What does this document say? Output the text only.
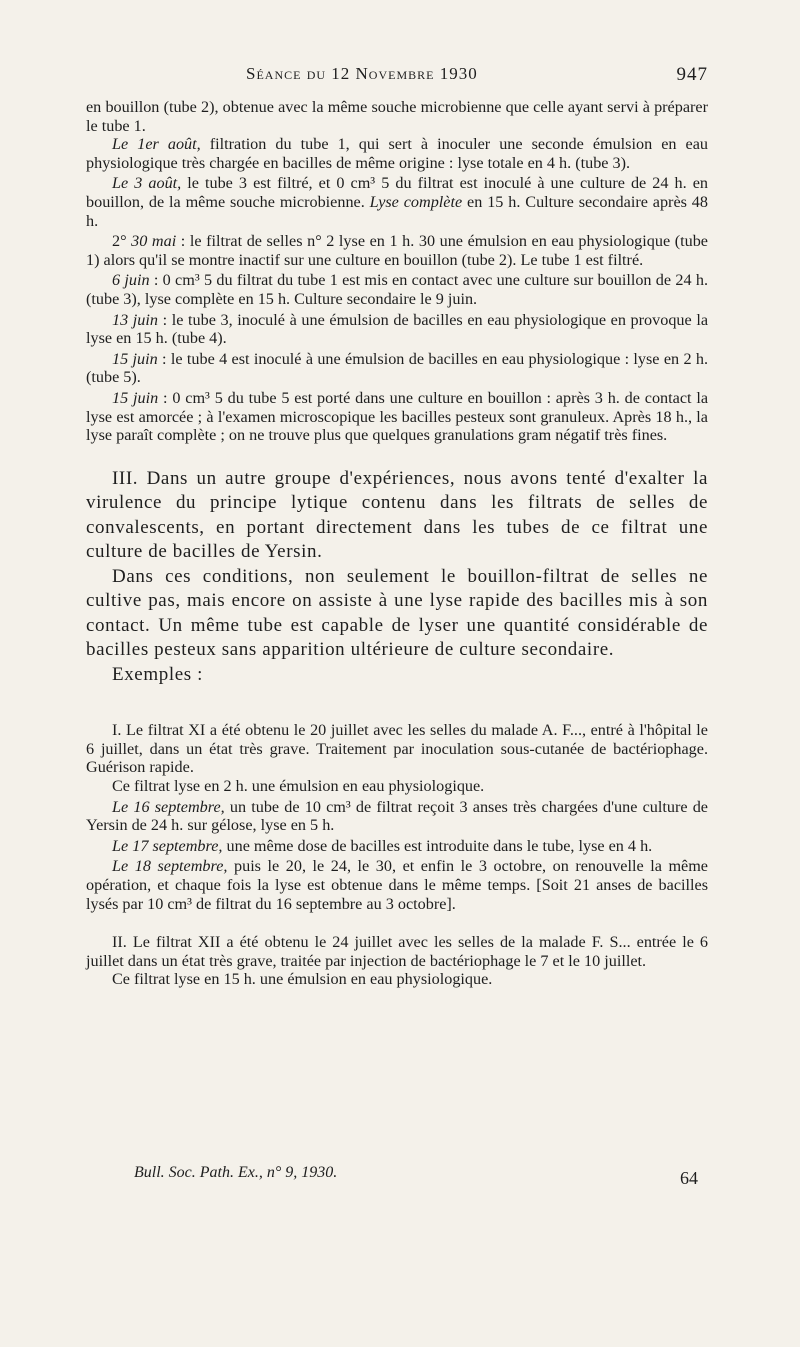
Séance du 12 Novembre 1930	947

en bouillon (tube 2), obtenue avec la même souche microbienne que celle ayant servi à préparer le tube 1.

Le 1er août, filtration du tube 1, qui sert à inoculer une seconde émulsion en eau physiologique très chargée en bacilles de même origine : lyse totale en 4 h. (tube 3).

Le 3 août, le tube 3 est filtré, et 0 cm³ 5 du filtrat est inoculé à une culture de 24 h. en bouillon, de la même souche microbienne. Lyse complète en 15 h. Culture secondaire après 48 h.

2° 30 mai : le filtrat de selles n° 2 lyse en 1 h. 30 une émulsion en eau physiologique (tube 1) alors qu'il se montre inactif sur une culture en bouillon (tube 2). Le tube 1 est filtré.

6 juin : 0 cm³ 5 du filtrat du tube 1 est mis en contact avec une culture sur bouillon de 24 h. (tube 3), lyse complète en 15 h. Culture secondaire le 9 juin.

13 juin : le tube 3, inoculé à une émulsion de bacilles en eau physiologique en provoque la lyse en 15 h. (tube 4).

15 juin : le tube 4 est inoculé à une émulsion de bacilles en eau physiologique : lyse en 2 h. (tube 5).

15 juin : 0 cm³ 5 du tube 5 est porté dans une culture en bouillon : après 3 h. de contact la lyse est amorcée ; à l'examen microscopique les bacilles pesteux sont granuleux. Après 18 h., la lyse paraît complète ; on ne trouve plus que quelques granulations gram négatif très fines.

III. Dans un autre groupe d'expériences, nous avons tenté d'exalter la virulence du principe lytique contenu dans les filtrats de selles de convalescents, en portant directement dans les tubes de ce filtrat une culture de bacilles de Yersin.

Dans ces conditions, non seulement le bouillon-filtrat de selles ne cultive pas, mais encore on assiste à une lyse rapide des bacilles mis à son contact. Un même tube est capable de lyser une quantité considérable de bacilles pesteux sans apparition ultérieure de culture secondaire.

Exemples :

I. Le filtrat XI a été obtenu le 20 juillet avec les selles du malade A. F..., entré à l'hôpital le 6 juillet, dans un état très grave. Traitement par inoculation sous-cutanée de bactériophage. Guérison rapide.

Ce filtrat lyse en 2 h. une émulsion en eau physiologique.

Le 16 septembre, un tube de 10 cm³ de filtrat reçoit 3 anses très chargées d'une culture de Yersin de 24 h. sur gélose, lyse en 5 h.

Le 17 septembre, une même dose de bacilles est introduite dans le tube, lyse en 4 h.

Le 18 septembre, puis le 20, le 24, le 30, et enfin le 3 octobre, on renouvelle la même opération, et chaque fois la lyse est obtenue dans le même temps. [Soit 21 anses de bacilles lysés par 10 cm³ de filtrat du 16 septembre au 3 octobre].

II. Le filtrat XII a été obtenu le 24 juillet avec les selles de la malade F. S... entrée le 6 juillet dans un état très grave, traitée par injection de bactériophage le 7 et le 10 juillet.

Ce filtrat lyse en 15 h. une émulsion en eau physiologique.

Bull. Soc. Path. Ex., n° 9, 1930.	64
